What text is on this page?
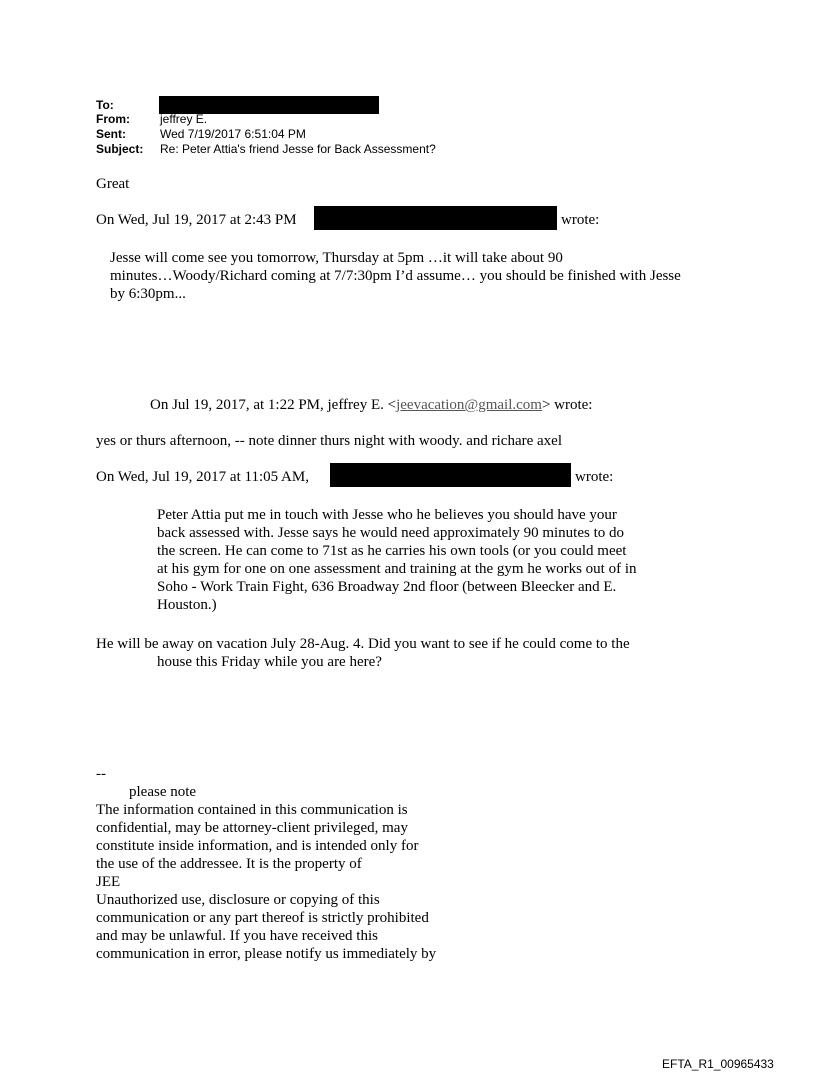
To:
From:	jeffrey E.
Sent:	Wed 7/19/2017 6:51:04 PM
Subject: Re: Peter Attia's friend Jesse for Back Assessment?
Great
On Wed, Jul 19, 2017 at 2:43 PM	wrote:
Jesse will come see you tomorrow, Thursday at 5pm …it will take about 90
minutes…Woody/Richard coming at 7/7:30pm I’d assume… you should be finished with Jesse
by 6:30pm...
On Jul 19, 2017, at 1:22 PM, jeffrey E. <jeevacation@gmail.com> wrote:
yes or thurs afternoon, -- note dinner thurs night with woody. and richare axel
On Wed, Jul 19, 2017 at 11:05 AM,	wrote:
Peter Attia put me in touch with Jesse who he believes you should have your
back assessed with. Jesse says he would need approximately 90 minutes to do
the screen. He can come to 71st as he carries his own tools (or you could meet
at his gym for one on one assessment and training at the gym he works out of in
Soho - Work Train Fight, 636 Broadway 2nd floor (between Bleecker and E.
Houston.)
He will be away on vacation July 28-Aug. 4. Did you want to see if he could come to the
house this Friday while you are here?
--
please note
The information contained in this communication is
confidential, may be attorney-client privileged, may
constitute inside information, and is intended only for
the use of the addressee. It is the property of
JEE
Unauthorized use, disclosure or copying of this
communication or any part thereof is strictly prohibited
and may be unlawful. If you have received this
communication in error, please notify us immediately by
EFTA_R1_00965433
